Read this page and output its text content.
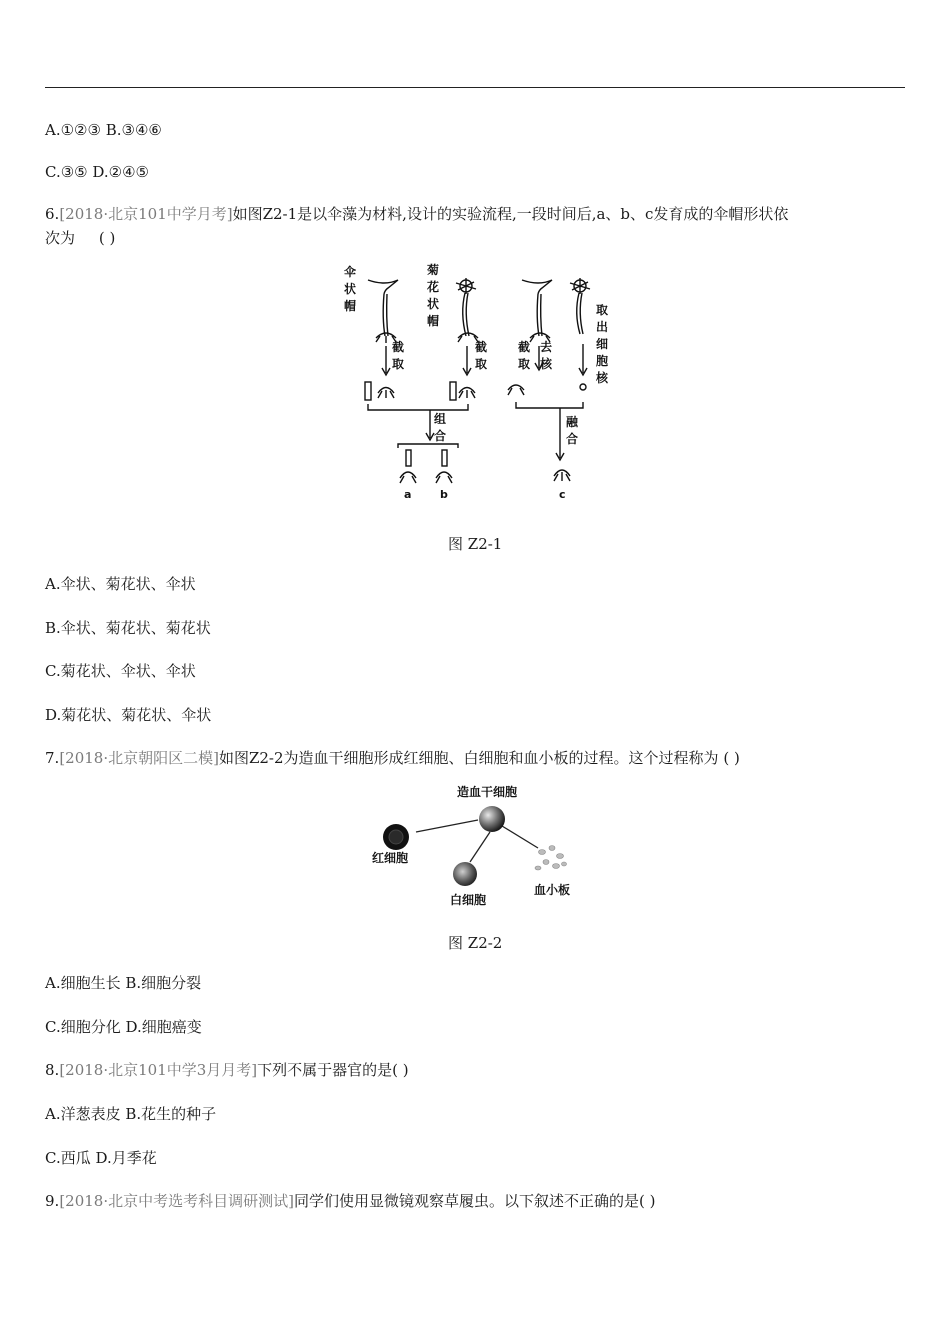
A.①②③ B.③④⑥
C.③⑤ D.②④⑤
6.[2018·北京101中学月考]如图Z2-1是以伞藻为材料,设计的实验流程,一段时间后,a、b、c发育成的伞帽形状依
次为 ( )
伞
状
帽
菊
花
状
帽
截
取
截
取
组
合
截
取
去
核
取
出
细
胞
核
融
合
a	b	c
图 Z2-1
A.伞状、菊花状、伞状
B.伞状、菊花状、菊花状
C.菊花状、伞状、伞状
D.菊花状、菊花状、伞状
7.[2018·北京朝阳区二模]如图Z2-2为造血干细胞形成红细胞、白细胞和血小板的过程。这个过程称为 ( )
造血干细胞
红细胞
白细胞
血小板
图 Z2-2
A.细胞生长 B.细胞分裂
C.细胞分化 D.细胞癌变
8.[2018·北京101中学3月月考]下列不属于器官的是( )
A.洋葱表皮 B.花生的种子
C.西瓜 D.月季花
9.[2018·北京中考选考科目调研测试]同学们使用显微镜观察草履虫。以下叙述不正确的是( )
